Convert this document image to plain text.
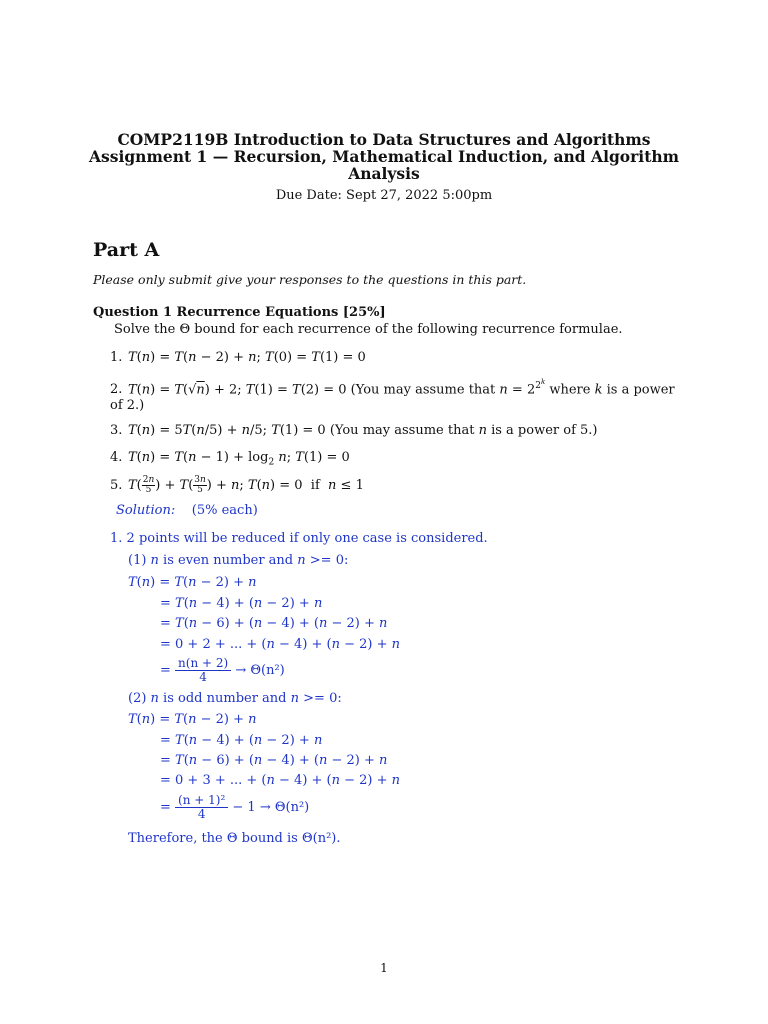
COMP2119B Introduction to Data Structures and Algorithms
Assignment 1 — Recursion, Mathematical Induction, and Algorithm
Analysis
Due Date: Sept 27, 2022 5:00pm
Part A
Please only submit give your responses to the questions in this part.
Question 1 Recurrence Equations [25%]
Solve the Θ bound for each recurrence of the following recurrence formulae.
1. T(n) = T(n − 2) + n; T(0) = T(1) = 0
2. T(n) = T(√n) + 2; T(1) = T(2) = 0 (You may assume that $n = 2^{2^k}$ where k is a power
of 2.)
3. T(n) = 5T(n/5) + n/5; T(1) = 0 (You may assume that n is a power of 5.)
4. $T(n) = T(n - 1) + \log_2 n$; T(1) = 0
5. $T( \frac{2n}{5}$ ) + $T( \frac{3n}{5}$ ) + n; T(n) = 0  if  n ≤ 1
Solution: (5% each)
1. 2 points will be reduced if only one case is considered.
(1) n is even number and n >= 0:
T(n) = T(n − 2) + n
= T(n − 4) + (n − 2) + n
= T(n − 6) + (n − 4) + (n − 2) + n
= 0 + 2 + ... + (n − 4) + (n − 2) + n
= $\frac{n(n + 2)}{4} \to \Theta(n^2)$
(2) n is odd number and n >= 0:
T(n) = T(n − 2) + n
= T(n − 4) + (n − 2) + n
= T(n − 6) + (n − 4) + (n − 2) + n
= 0 + 3 + ... + (n − 4) + (n − 2) + n
= $\frac{\text{(n + 1)²}}{4} - 1 \to \Theta(n^2)$
Therefore, the Θ bound is Θ(n²).
1
